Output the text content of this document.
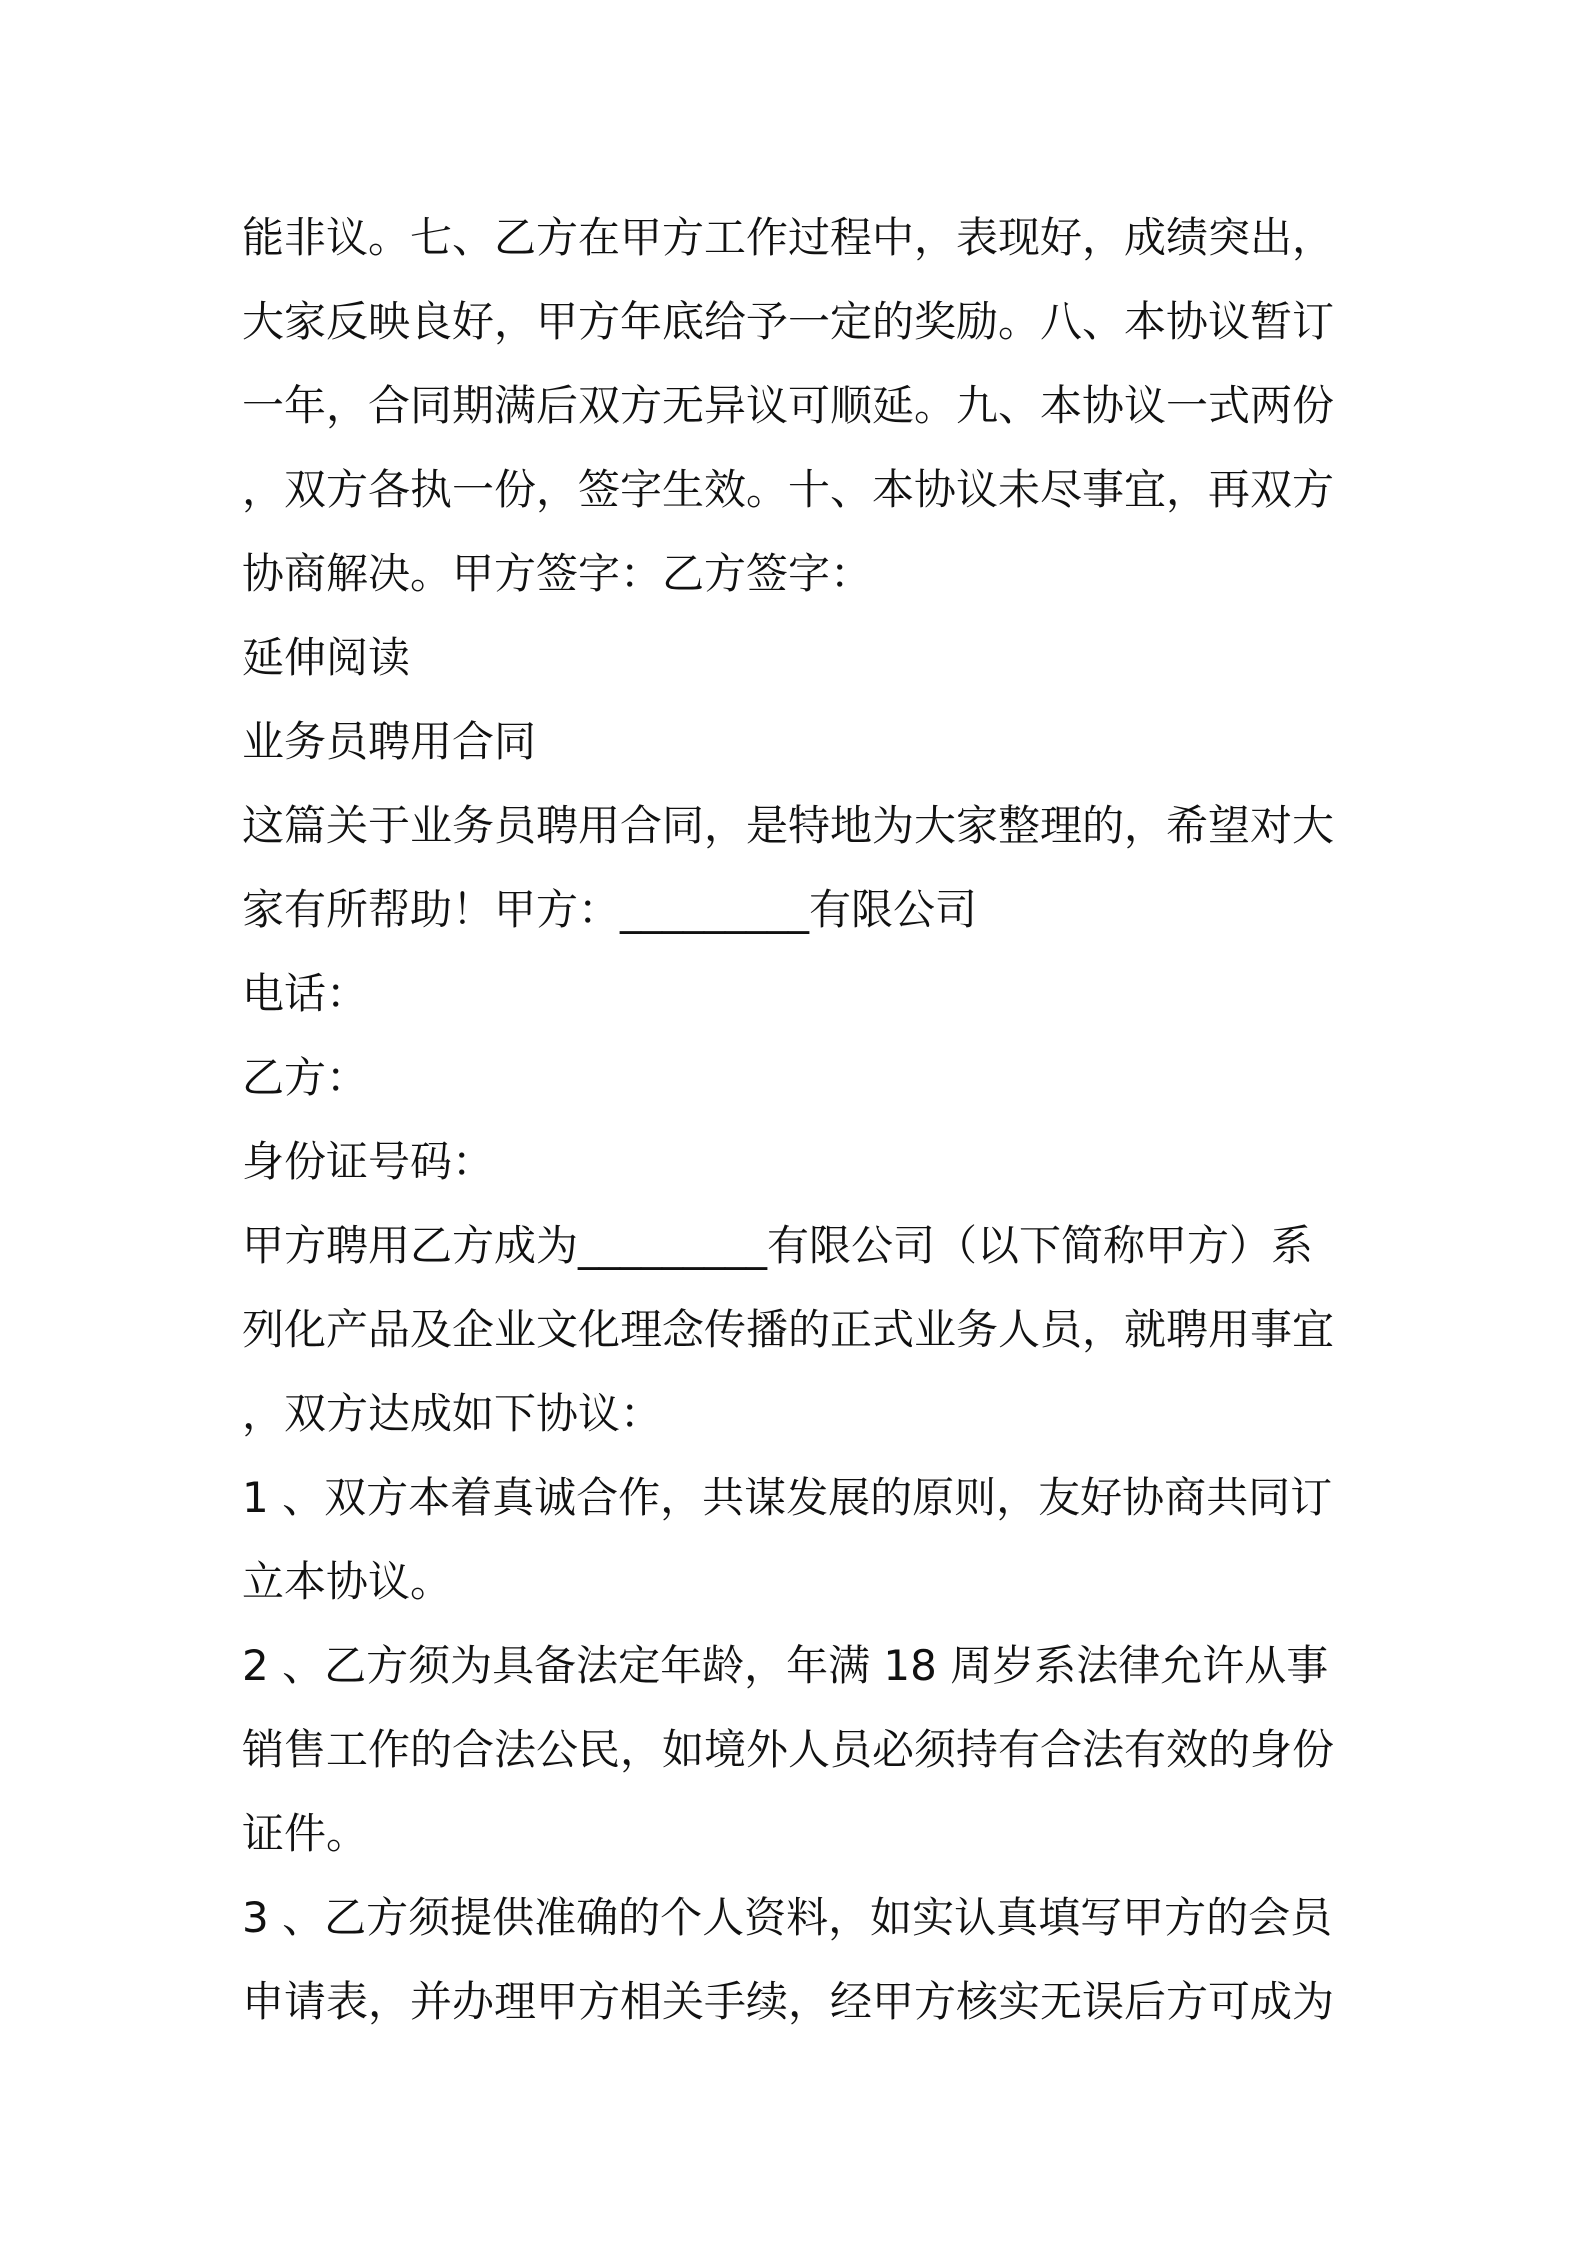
能非议。七、乙方在甲方工作过程中，表现好，成绩突出，
大家反映良好，甲方年底给予一定的奖励。八、本协议暂订
一年，合同期满后双方无异议可顺延。九、本协议一式两份
，双方各执一份，签字生效。十、本协议未尽事宜，再双方
协商解决。甲方签字：乙方签字：
延伸阅读
业务员聘用合同
这篇关于业务员聘用合同，是特地为大家整理的，希望对大
家有所帮助！甲方：_________有限公司
电话：
乙方：
身份证号码：
甲方聘用乙方成为_________有限公司（以下简称甲方）系
列化产品及企业文化理念传播的正式业务人员，就聘用事宜
，双方达成如下协议：
1 、双方本着真诚合作，共谋发展的原则，友好协商共同订
立本协议。
2 、乙方须为具备法定年龄，年满 18 周岁系法律允许从事
销售工作的合法公民，如境外人员必须持有合法有效的身份
证件。
3 、乙方须提供准确的个人资料，如实认真填写甲方的会员
申请表，并办理甲方相关手续，经甲方核实无误后方可成为
